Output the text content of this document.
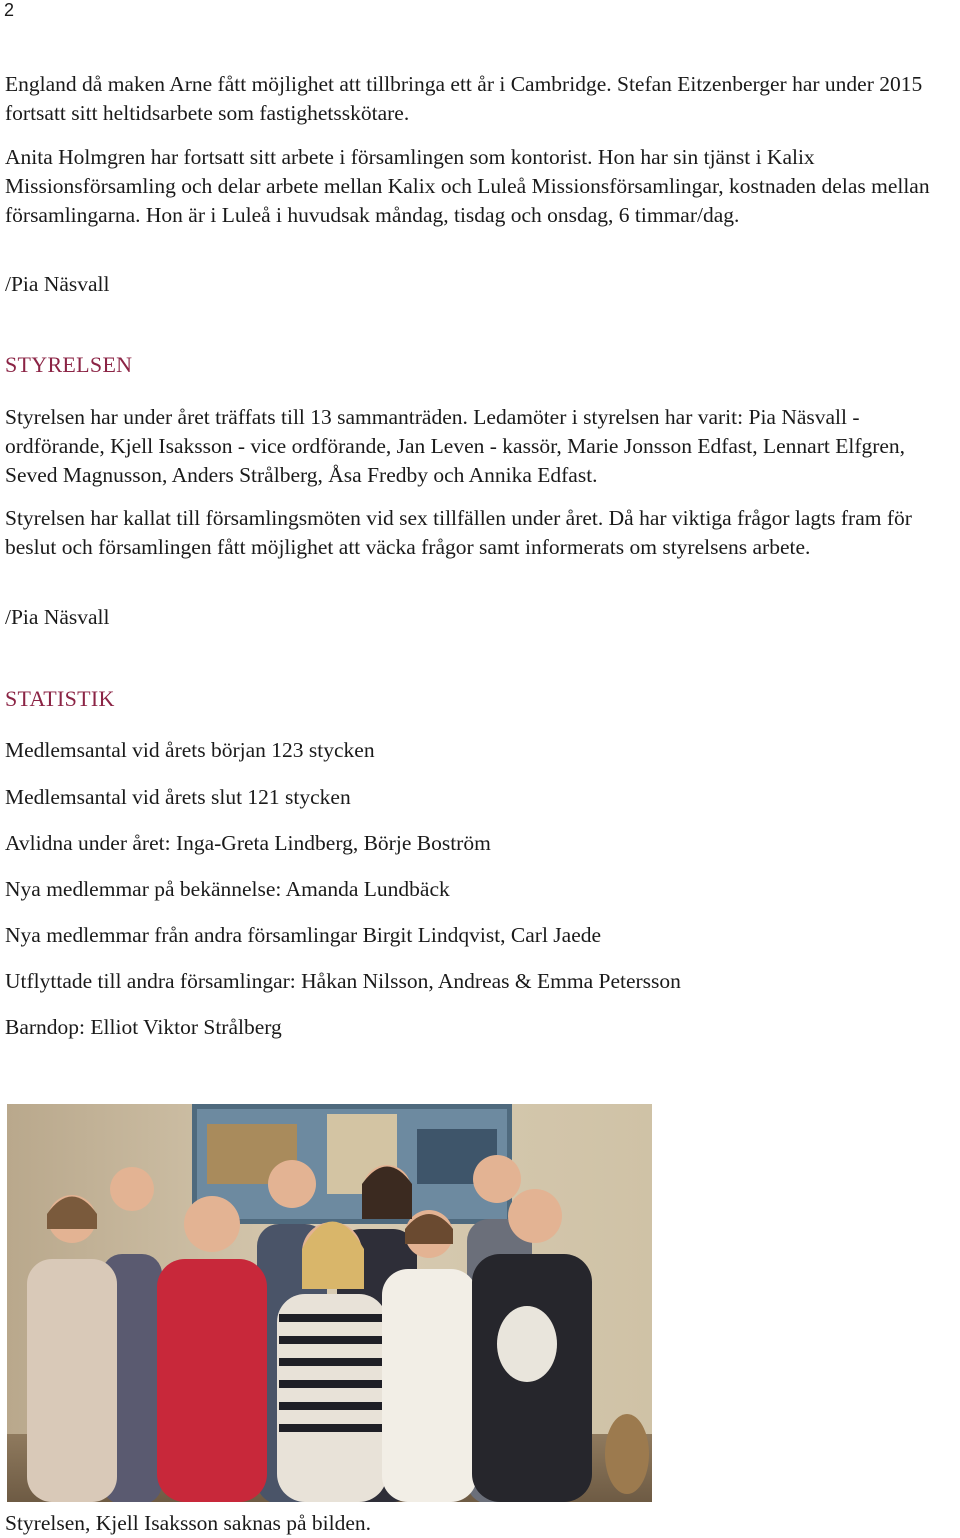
2

England då maken Arne fått möjlighet att tillbringa ett år i Cambridge. Stefan Eitzenberger har under 2015 fortsatt sitt heltidsarbete som fastighetsskötare.

Anita Holmgren har fortsatt sitt arbete i församlingen som kontorist. Hon har sin tjänst i Kalix Missionsförsamling och delar arbete mellan Kalix och Luleå Missionsförsamlingar, kostnaden delas mellan församlingarna. Hon är i Luleå i huvudsak måndag, tisdag och onsdag, 6 timmar/dag.

/Pia Näsvall

STYRELSEN

Styrelsen har under året träffats till 13 sammanträden. Ledamöter i styrelsen har varit: Pia Näsvall - ordförande, Kjell Isaksson - vice ordförande, Jan Leven - kassör, Marie Jonsson Edfast, Lennart Elfgren, Seved Magnusson, Anders Strålberg, Åsa Fredby och Annika Edfast.

Styrelsen har kallat till församlingsmöten vid sex tillfällen under året. Då har viktiga frågor lagts fram för beslut och församlingen fått möjlighet att väcka frågor samt informerats om styrelsens arbete.

/Pia Näsvall

STATISTIK

Medlemsantal vid årets början 123 stycken

Medlemsantal vid årets slut 121 stycken

Avlidna under året: Inga-Greta Lindberg, Börje Boström

Nya medlemmar på bekännelse: Amanda Lundbäck

Nya medlemmar från andra församlingar Birgit Lindqvist, Carl Jaede

Utflyttade till andra församlingar: Håkan Nilsson, Andreas & Emma Petersson

Barndop: Elliot Viktor Strålberg

Styrelsen, Kjell Isaksson saknas på bilden.
